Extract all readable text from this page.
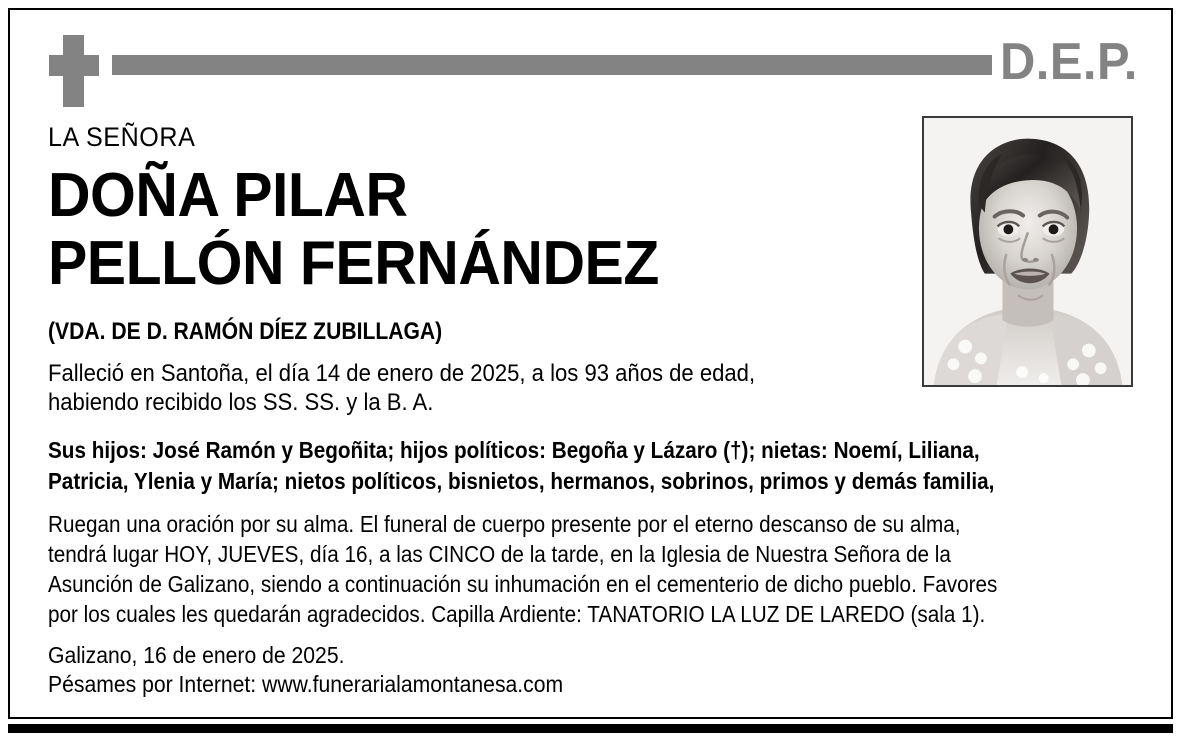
D.E.P.
LA SEÑORA
DOÑA PILAR
PELLÓN FERNÁNDEZ
(VDA. DE D. RAMÓN DÍEZ ZUBILLAGA)
Falleció en Santoña, el día 14 de enero de 2025, a los 93 años de edad,
habiendo recibido los SS. SS. y la B. A.
Sus hijos: José Ramón y Begoñita; hijos políticos: Begoña y Lázaro (†); nietas: Noemí, Liliana,
Patricia, Ylenia y María; nietos políticos, bisnietos, hermanos, sobrinos, primos y demás familia,
Ruegan una oración por su alma. El funeral de cuerpo presente por el eterno descanso de su alma,
tendrá lugar HOY, JUEVES, día 16, a las CINCO de la tarde, en la Iglesia de Nuestra Señora de la
Asunción de Galizano, siendo a continuación su inhumación en el cementerio de dicho pueblo. Favores
por los cuales les quedarán agradecidos. Capilla Ardiente: TANATORIO LA LUZ DE LAREDO (sala 1).
Galizano, 16 de enero de 2025.
Pésames por Internet: www.funerarialamontanesa.com
